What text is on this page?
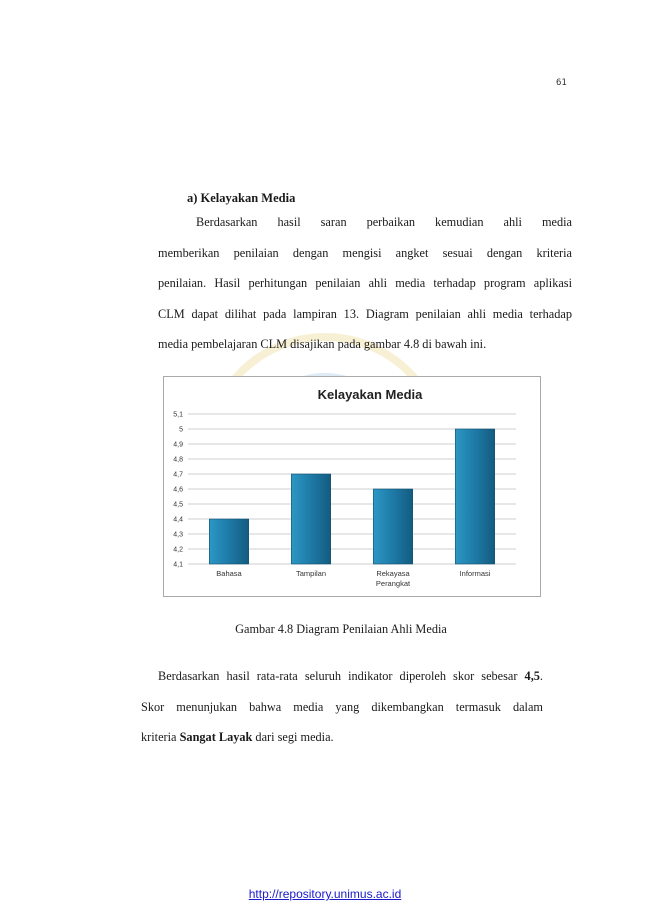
61
a) Kelayakan Media
Berdasarkan hasil saran perbaikan kemudian ahli media
memberikan penilaian dengan mengisi angket sesuai dengan kriteria
penilaian. Hasil perhitungan penilaian ahli media terhadap program aplikasi
CLM dapat dilihat pada lampiran 13. Diagram penilaian ahli media terhadap
media pembelajaran CLM disajikan pada gambar 4.8 di bawah ini.
4,1
4,2
4,3
4,4
4,5
4,6
4,7
4,8
4,9
5
5,1
Bahasa	Tampilan	Rekayasa
Perangkat
Informasi
Kelayakan Media
Gambar 4.8 Diagram Penilaian Ahli Media
Berdasarkan hasil rata-rata seluruh indikator diperoleh skor sebesar 4,5.
Skor menunjukan bahwa media yang dikembangkan termasuk dalam
kriteria Sangat Layak dari segi media.
http://repository.unimus.ac.id
